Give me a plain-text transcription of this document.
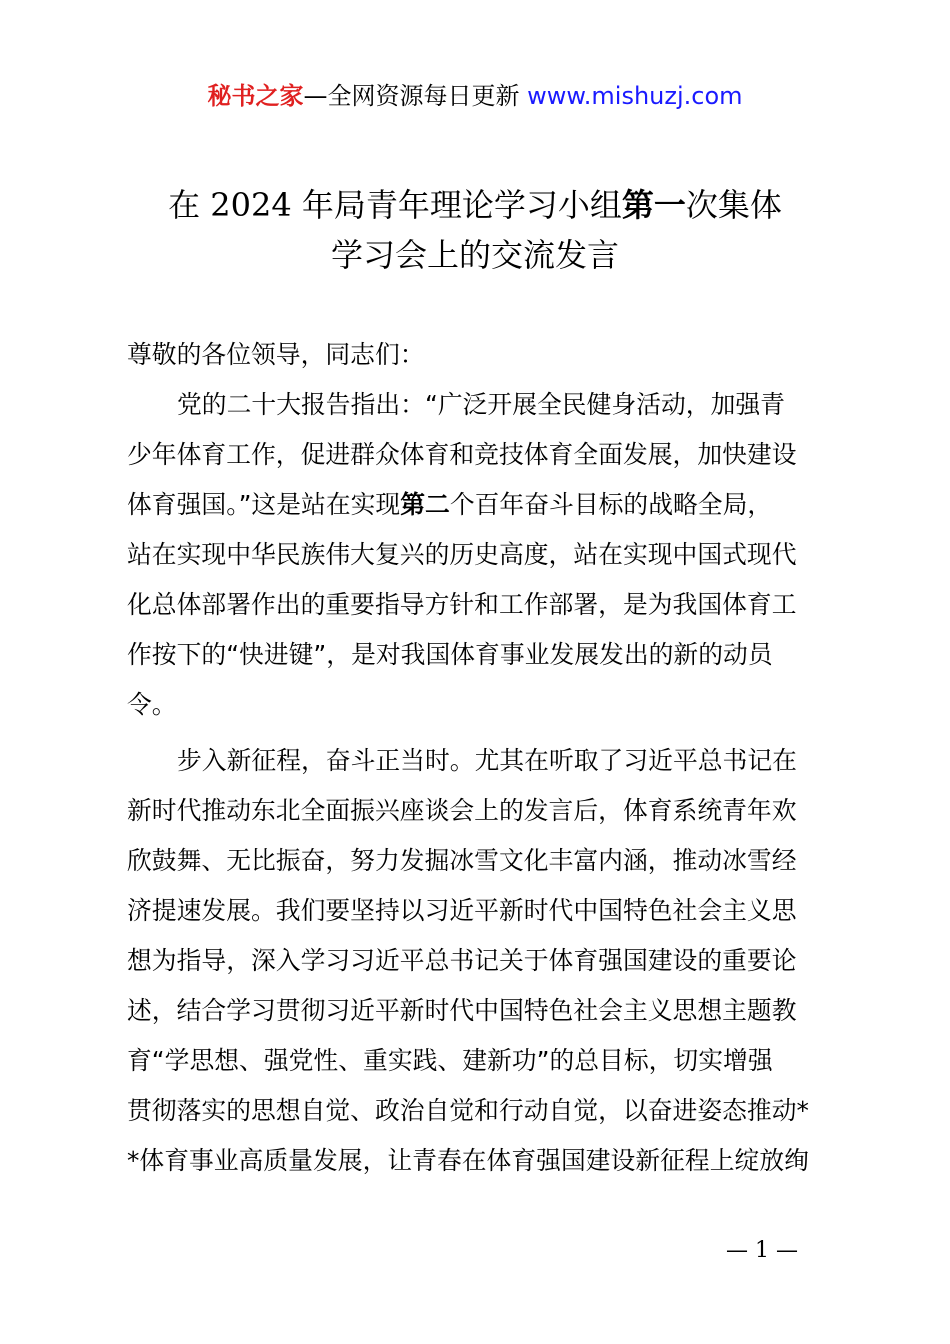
秘书之家—全网资源每日更新 www.mishuzj.com
在 2024 年局青年理论学习小组第一次集体
学习会上的交流发言
尊敬的各位领导，同志们：
党的二十大报告指出：“广泛开展全民健身活动，加强青
少年体育工作，促进群众体育和竞技体育全面发展，加快建设
体育强国。”这是站在实现第二个百年奋斗目标的战略全局，
站在实现中华民族伟大复兴的历史高度，站在实现中国式现代
化总体部署作出的重要指导方针和工作部署，是为我国体育工
作按下的“快进键”，是对我国体育事业发展发出的新的动员
令。
步入新征程，奋斗正当时。尤其在听取了习近平总书记在
新时代推动东北全面振兴座谈会上的发言后，体育系统青年欢
欣鼓舞、无比振奋，努力发掘冰雪文化丰富内涵，推动冰雪经
济提速发展。我们要坚持以习近平新时代中国特色社会主义思
想为指导，深入学习习近平总书记关于体育强国建设的重要论
述，结合学习贯彻习近平新时代中国特色社会主义思想主题教
育“学思想、强党性、重实践、建新功”的总目标，切实增强
贯彻落实的思想自觉、政治自觉和行动自觉，以奋进姿态推动*
*体育事业高质量发展，让青春在体育强国建设新征程上绽放绚
— 1 —
